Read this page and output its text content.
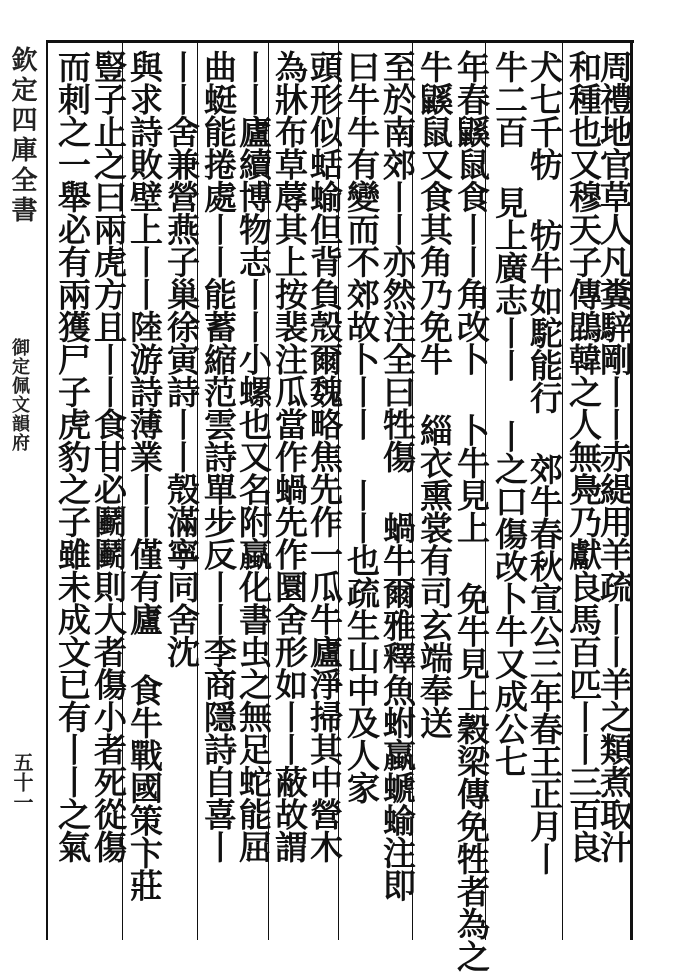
欽定四庫全書
御定佩文韻府
五十一	周禮地官草人凡糞騂剛丨丨赤緹用羊疏丨丨羊之類煮取汁
和種也又穆天子傳鵾韓之人無鳧乃獻良馬百匹丨丨三百良
犬七千牥 牥牛如駝能行 郊牛春秋宣公三年春王正月丨
牛二百 見上廣志丨丨 丨之口傷改卜牛又成公七
年春鼷鼠食丨丨角改卜 卜牛見上 免牛見上穀梁傳免牲者為之
牛鼷鼠又食其角乃免牛 緇衣熏裳有司玄端奉送
至於南郊丨丨亦然注全曰牲傷 蝸牛爾雅釋魚蚹蠃螔蝓注即
曰牛牛有變而不郊故卜丨丨 丨丨也疏生山中及人家
頭形似蛞蝓但背負殼爾魏略焦先作一瓜牛廬淨掃其中營木
為牀布草蓐其上按裴注瓜當作蝸先作圜舍形如丨丨蔽故謂
丨丨廬續博物志丨丨小螺也又名附蠃化書虫之無足蛇能屈
曲蜓能捲處丨丨能蓄縮范雲詩單步反丨丨李商隱詩自喜丨
丨丨舍兼營燕子巢徐寅詩丨丨殼滿寧同舍沈
與求詩敗壁上丨丨陸游詩薄業丨丨僅有廬 食牛戰國策卞莊
豎子止之曰兩虎方且丨丨食甘必鬬鬬則大者傷小者死從傷
而刺之一舉必有兩獲尸子虎豹之子雖未成文已有丨丨之氣
